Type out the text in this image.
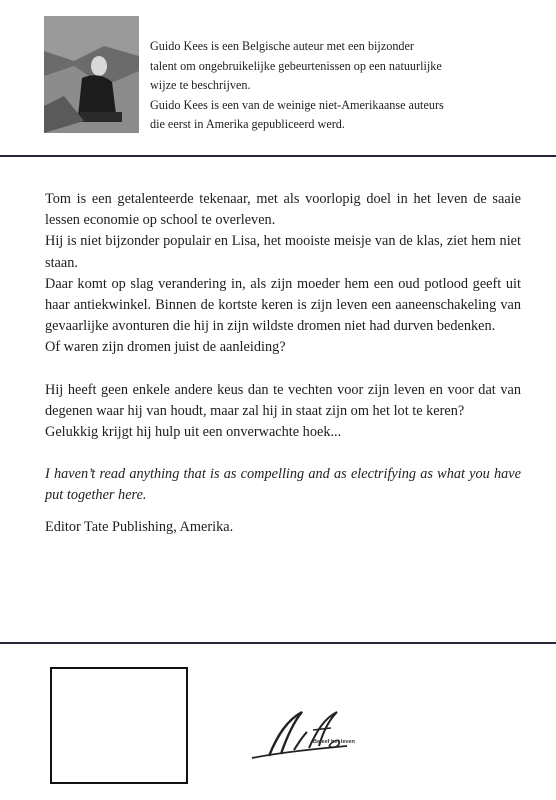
Guido Kees is een Belgische auteur met een bijzonder

talent om ongebruikelijke gebeurtenissen op een natuurlijke

wijze te beschrijven.

Guido Kees is een van de weinige niet-Amerikaanse auteurs

die eerst in Amerika gepubliceerd werd.

Tom is een getalenteerde tekenaar, met als voorlopig doel in het leven de saaie lessen economie op school te overleven.

Hij is niet bijzonder populair en Lisa, het mooiste meisje van de klas, ziet hem niet staan.

Daar komt op slag verandering in, als zijn moeder hem een oud potlood geeft uit haar antiekwinkel. Binnen de kortste keren is zijn leven een aaneenschakeling van gevaarlijke avonturen die hij in zijn wildste dromen niet had durven bedenken.

Of waren zijn dromen juist de aanleiding?

Hij heeft geen enkele andere keus dan te vechten voor zijn leven en voor dat van degenen waar hij van houdt, maar zal hij in staat zijn om het lot te keren?

Gelukkig krijgt hij hulp uit een onverwachte hoek...

I haven’t read anything that is as compelling and as electrifying as what you have put together here.

Editor Tate Publishing, Amerika.

Beleef het leven
